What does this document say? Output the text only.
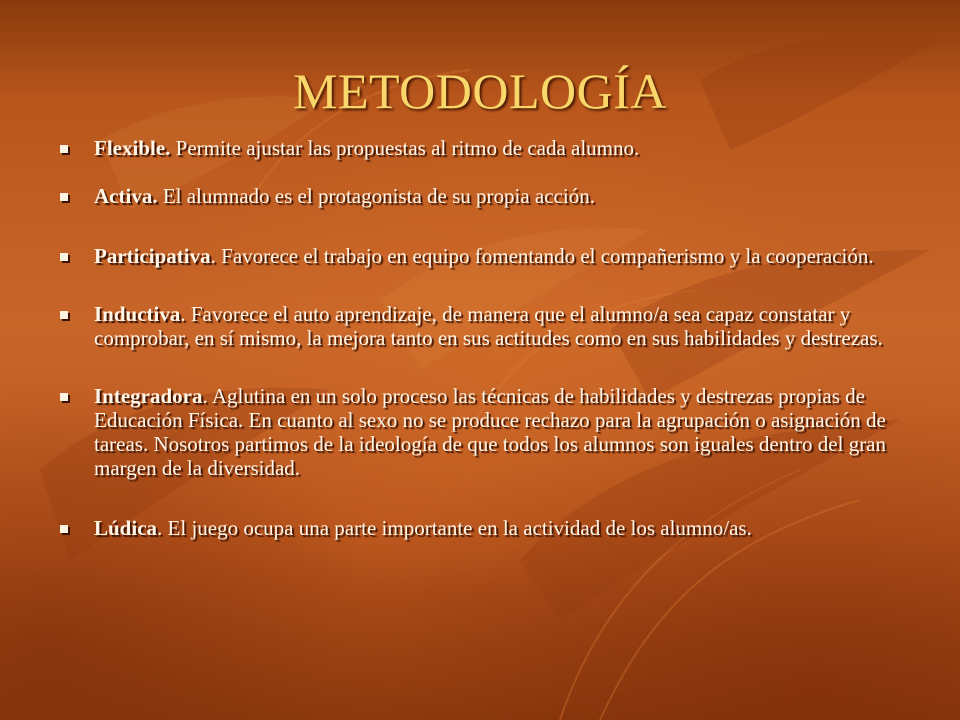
METODOLOGÍA
Flexible. Permite ajustar las propuestas al ritmo de cada alumno.
Activa. El alumnado es el protagonista de su propia acción.
Participativa. Favorece el trabajo en equipo fomentando el compañerismo y la cooperación.
Inductiva. Favorece el auto aprendizaje, de manera que el alumno/a sea capaz constatar y comprobar, en sí mismo, la mejora tanto en sus actitudes como en sus habilidades y destrezas.
Integradora. Aglutina en un solo proceso las técnicas de habilidades y destrezas propias de Educación Física. En cuanto al sexo no se produce rechazo para la agrupación o asignación de tareas. Nosotros partimos de la ideología de que todos los alumnos son iguales dentro del gran margen de la diversidad.
Lúdica. El juego ocupa una parte importante en la actividad de los alumno/as.
